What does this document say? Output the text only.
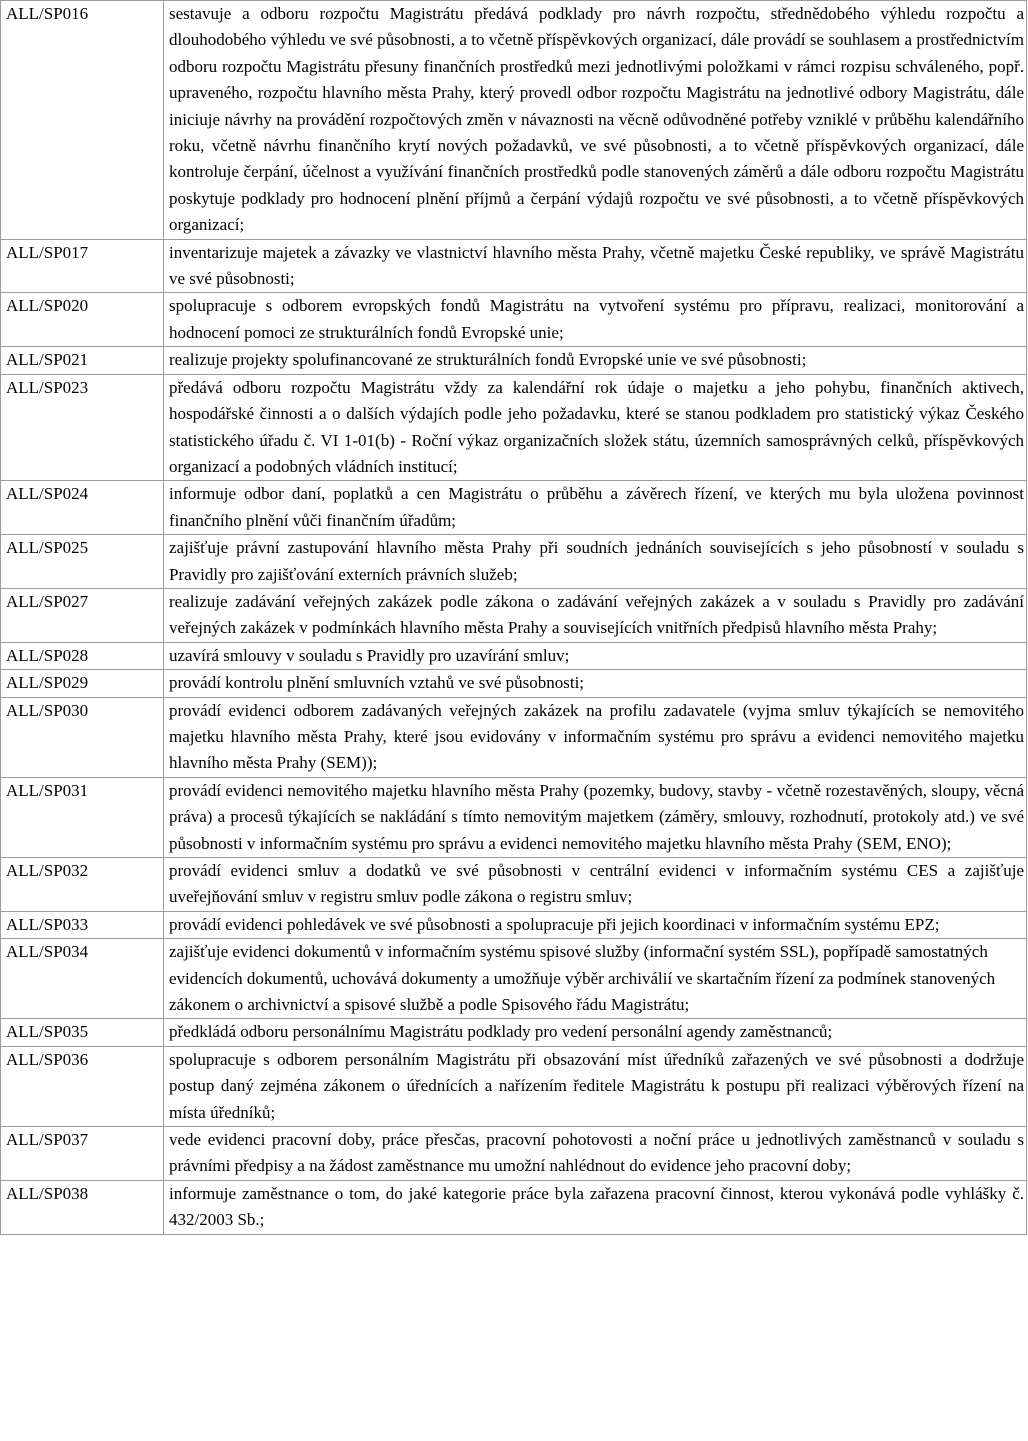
ALL/SP016	sestavuje a odboru rozpočtu Magistrátu předává podklady pro návrh rozpočtu, střednědobého výhledu rozpočtu a dlouhodobého výhledu ve své působnosti, a to včetně příspěvkových organizací, dále provádí se souhlasem a prostřednictvím odboru rozpočtu Magistrátu přesuny finančních prostředků mezi jednotlivými položkami v rámci rozpisu schváleného, popř. upraveného, rozpočtu hlavního města Prahy, který provedl odbor rozpočtu Magistrátu na jednotlivé odbory Magistrátu, dále iniciuje návrhy na provádění rozpočtových změn v návaznosti na věcně odůvodněné potřeby vzniklé v průběhu kalendářního roku, včetně návrhu finančního krytí nových požadavků, ve své působnosti, a to včetně příspěvkových organizací, dále kontroluje čerpání, účelnost a využívání finančních prostředků podle stanovených záměrů a dále odboru rozpočtu Magistrátu poskytuje podklady pro hodnocení plnění příjmů a čerpání výdajů rozpočtu ve své působnosti, a to včetně příspěvkových organizací;
ALL/SP017	inventarizuje majetek a závazky ve vlastnictví hlavního města Prahy, včetně majetku České republiky, ve správě Magistrátu ve své působnosti;
ALL/SP020	spolupracuje s odborem evropských fondů Magistrátu na vytvoření systému pro přípravu, realizaci, monitorování a hodnocení pomoci ze strukturálních fondů Evropské unie;
ALL/SP021	realizuje projekty spolufinancované ze strukturálních fondů Evropské unie ve své působnosti;
ALL/SP023	předává odboru rozpočtu Magistrátu vždy za kalendářní rok údaje o majetku a jeho pohybu, finančních aktivech, hospodářské činnosti a o dalších výdajích podle jeho požadavku, které se stanou podkladem pro statistický výkaz Českého statistického úřadu č. VI 1-01(b) - Roční výkaz organizačních složek státu, územních samosprávných celků, příspěvkových organizací a podobných vládních institucí;
ALL/SP024	informuje odbor daní, poplatků a cen Magistrátu o průběhu a závěrech řízení, ve kterých mu byla uložena povinnost finančního plnění vůči finančním úřadům;
ALL/SP025	zajišťuje právní zastupování hlavního města Prahy při soudních jednáních souvisejících s jeho působností v souladu s Pravidly pro zajišťování externích právních služeb;
ALL/SP027	realizuje zadávání veřejných zakázek podle zákona o zadávání veřejných zakázek a v souladu s Pravidly pro zadávání veřejných zakázek v podmínkách hlavního města Prahy a souvisejících vnitřních předpisů hlavního města Prahy;
ALL/SP028	uzavírá smlouvy v souladu s Pravidly pro uzavírání smluv;
ALL/SP029	provádí kontrolu plnění smluvních vztahů ve své působnosti;
ALL/SP030	provádí evidenci odborem zadávaných veřejných zakázek na profilu zadavatele (vyjma smluv týkajících se nemovitého majetku hlavního města Prahy, které jsou evidovány v informačním systému pro správu a evidenci nemovitého majetku hlavního města Prahy (SEM));
ALL/SP031	provádí evidenci nemovitého majetku hlavního města Prahy (pozemky, budovy, stavby - včetně rozestavěných, sloupy, věcná práva) a procesů týkajících se nakládání s tímto nemovitým majetkem (záměry, smlouvy, rozhodnutí, protokoly atd.) ve své působnosti v informačním systému pro správu a evidenci nemovitého majetku hlavního města Prahy (SEM, ENO);
ALL/SP032	provádí evidenci smluv a dodatků ve své působnosti v centrální evidenci v informačním systému CES a zajišťuje uveřejňování smluv v registru smluv podle zákona o registru smluv;
ALL/SP033	provádí evidenci pohledávek ve své působnosti a spolupracuje při jejich koordinaci v informačním systému EPZ;
ALL/SP034	zajišťuje evidenci dokumentů v informačním systému spisové služby (informační systém SSL), popřípadě samostatných evidencích dokumentů, uchovává dokumenty a umožňuje výběr archiválií ve skartačním řízení za podmínek stanovených zákonem o archivnictví a spisové službě a podle Spisového řádu Magistrátu;
ALL/SP035	předkládá odboru personálnímu Magistrátu podklady pro vedení personální agendy zaměstnanců;
ALL/SP036	spolupracuje s odborem personálním Magistrátu při obsazování míst úředníků zařazených ve své působnosti a dodržuje postup daný zejména zákonem o úřednících a nařízením ředitele Magistrátu k postupu při realizaci výběrových řízení na místa úředníků;
ALL/SP037	vede evidenci pracovní doby, práce přesčas, pracovní pohotovosti a noční práce u jednotlivých zaměstnanců v souladu s právními předpisy a na žádost zaměstnance mu umožní nahlédnout do evidence jeho pracovní doby;
ALL/SP038	informuje zaměstnance o tom, do jaké kategorie práce byla zařazena pracovní činnost, kterou vykonává podle vyhlášky č. 432/2003 Sb.;
